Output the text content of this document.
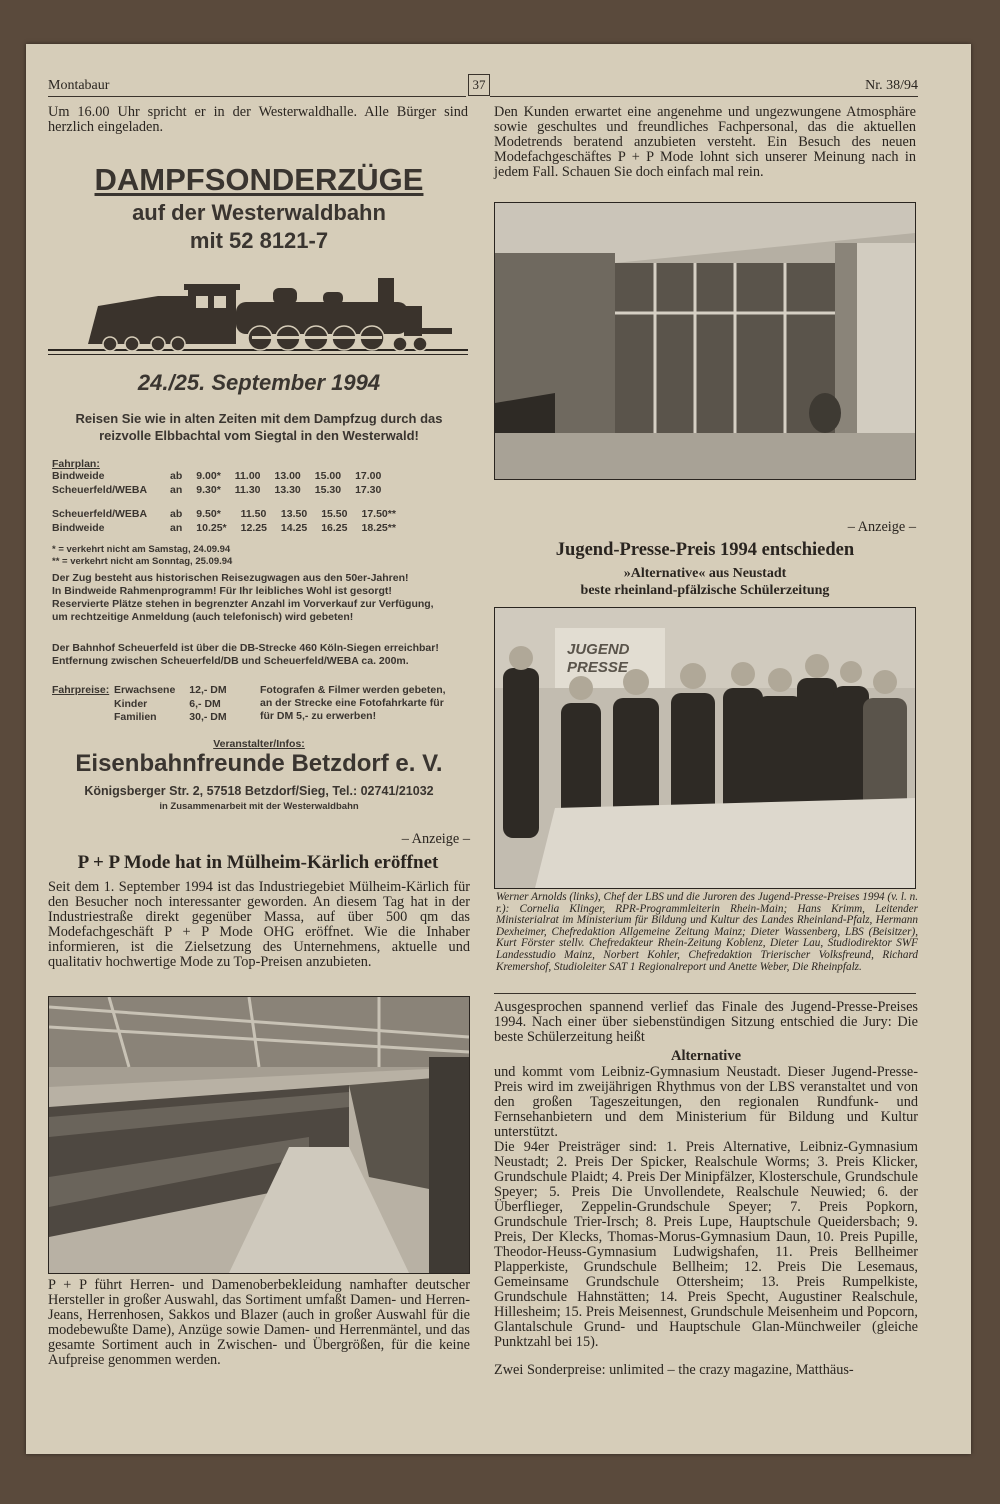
Montabaur	37	Nr. 38/94
Um 16.00 Uhr spricht er in der Westerwaldhalle. Alle Bürger sind herzlich eingeladen.
DAMPFSONDERZÜGE
auf der Westerwaldbahn
mit 52 8121-7
24./25. September 1994
Reisen Sie wie in alten Zeiten mit dem Dampfzug durch das
reizvolle Elbbachtal vom Siegtal in den Westerwald!
Fahrplan:
Bindweide	ab	9.00*	11.00	13.00	15.00	17.00
Scheuerfeld/WEBA	an	9.30*	11.30	13.30	15.30	17.30
Scheuerfeld/WEBA	ab	9.50*	11.50	13.50	15.50	17.50**
Bindweide	an	10.25*	12.25	14.25	16.25	18.25**
* = verkehrt nicht am Samstag, 24.09.94
** = verkehrt nicht am Sonntag, 25.09.94
Der Zug besteht aus historischen Reisezugwagen aus den 50er-Jahren!
In Bindweide Rahmenprogramm! Für Ihr leibliches Wohl ist gesorgt!
Reservierte Plätze stehen in begrenzter Anzahl im Vorverkauf zur Verfügung,
um rechtzeitige Anmeldung (auch telefonisch) wird gebeten!
Der Bahnhof Scheuerfeld ist über die DB-Strecke 460 Köln-Siegen erreichbar!
Entfernung zwischen Scheuerfeld/DB und Scheuerfeld/WEBA ca. 200m.
Fahrpreise: Erwachsene	12,- DM
Kinder	6,- DM
Familien	30,- DM
Fotografen & Filmer werden gebeten,
an der Strecke eine Fotofahrkarte für
für DM 5,- zu erwerben!
Veranstalter/Infos:
Eisenbahnfreunde Betzdorf e. V.
Königsberger Str. 2, 57518 Betzdorf/Sieg, Tel.: 02741/21032
in Zusammenarbeit mit der Westerwaldbahn
– Anzeige –
P + P Mode hat in Mülheim-Kärlich eröffnet
Seit dem 1. September 1994 ist das Industriegebiet Mülheim-Kärlich für den Besucher noch interessanter geworden. An diesem Tag hat in der Industriestraße direkt gegenüber Massa, auf über 500 qm das Modefachgeschäft P + P Mode OHG eröffnet. Wie die Inhaber informieren, ist die Zielsetzung des Unternehmens, aktuelle und qualitativ hochwertige Mode zu Top-Preisen anzubieten.
P + P führt Herren- und Damenoberbekleidung namhafter deutscher Hersteller in großer Auswahl, das Sortiment umfaßt Damen- und Herren-Jeans, Herrenhosen, Sakkos und Blazer (auch in großer Auswahl für die modebewußte Dame), Anzüge sowie Damen- und Herrenmäntel, und das gesamte Sortiment auch in Zwischen- und Übergrößen, für die keine Aufpreise genommen werden.
Den Kunden erwartet eine angenehme und ungezwungene Atmosphäre sowie geschultes und freundliches Fachpersonal, das die aktuellen Modetrends beratend anzubieten versteht. Ein Besuch des neuen Modefachgeschäftes P + P Mode lohnt sich unserer Meinung nach in jedem Fall. Schauen Sie doch einfach mal rein.
– Anzeige –
Jugend-Presse-Preis 1994 entschieden
»Alternative« aus Neustadt
beste rheinland-pfälzische Schülerzeitung
JUGEND
PRESSE
Werner Arnolds (links), Chef der LBS und die Juroren des Jugend-Presse-Preises 1994 (v. l. n. r.): Cornelia Klinger, RPR-Programmleiterin Rhein-Main; Hans Krimm, Leitender Ministerialrat im Ministerium für Bildung und Kultur des Landes Rheinland-Pfalz, Hermann Dexheimer, Chefredaktion Allgemeine Zeitung Mainz; Dieter Wassenberg, LBS (Beisitzer), Kurt Förster stellv. Chefredakteur Rhein-Zeitung Koblenz, Dieter Lau, Studiodirektor SWF Landesstudio Mainz, Norbert Kohler, Chefredaktion Trierischer Volksfreund, Richard Kremershof, Studioleiter SAT 1 Regionalreport und Anette Weber, Die Rheinpfalz.
Ausgesprochen spannend verlief das Finale des Jugend-Presse-Preises 1994. Nach einer über siebenstündigen Sitzung entschied die Jury: Die beste Schülerzeitung heißt
Alternative
und kommt vom Leibniz-Gymnasium Neustadt. Dieser Jugend-Presse-Preis wird im zweijährigen Rhythmus von der LBS veranstaltet und von den großen Tageszeitungen, den regionalen Rundfunk- und Fernsehanbietern und dem Ministerium für Bildung und Kultur unterstützt.
Die 94er Preisträger sind: 1. Preis Alternative, Leibniz-Gymnasium Neustadt; 2. Preis Der Spicker, Realschule Worms; 3. Preis Klicker, Grundschule Plaidt; 4. Preis Der Minipfälzer, Klosterschule, Grundschule Speyer; 5. Preis Die Unvollendete, Realschule Neuwied; 6. der Überflieger, Zeppelin-Grundschule Speyer; 7. Preis Popkorn, Grundschule Trier-Irsch; 8. Preis Lupe, Hauptschule Queidersbach; 9. Preis, Der Klecks, Thomas-Morus-Gymnasium Daun, 10. Preis Pupille, Theodor-Heuss-Gymnasium Ludwigshafen, 11. Preis Bellheimer Plapperkiste, Grundschule Bellheim; 12. Preis Die Lesemaus, Gemeinsame Grundschule Ottersheim; 13. Preis Rumpelkiste, Grundschule Hahnstätten; 14. Preis Specht, Augustiner Realschule, Hillesheim; 15. Preis Meisennest, Grundschule Meisenheim und Popcorn, Glantalschule Grund- und Hauptschule Glan-Münchweiler (gleiche Punktzahl bei 15).
Zwei Sonderpreise: unlimited – the crazy magazine, Matthäus-
